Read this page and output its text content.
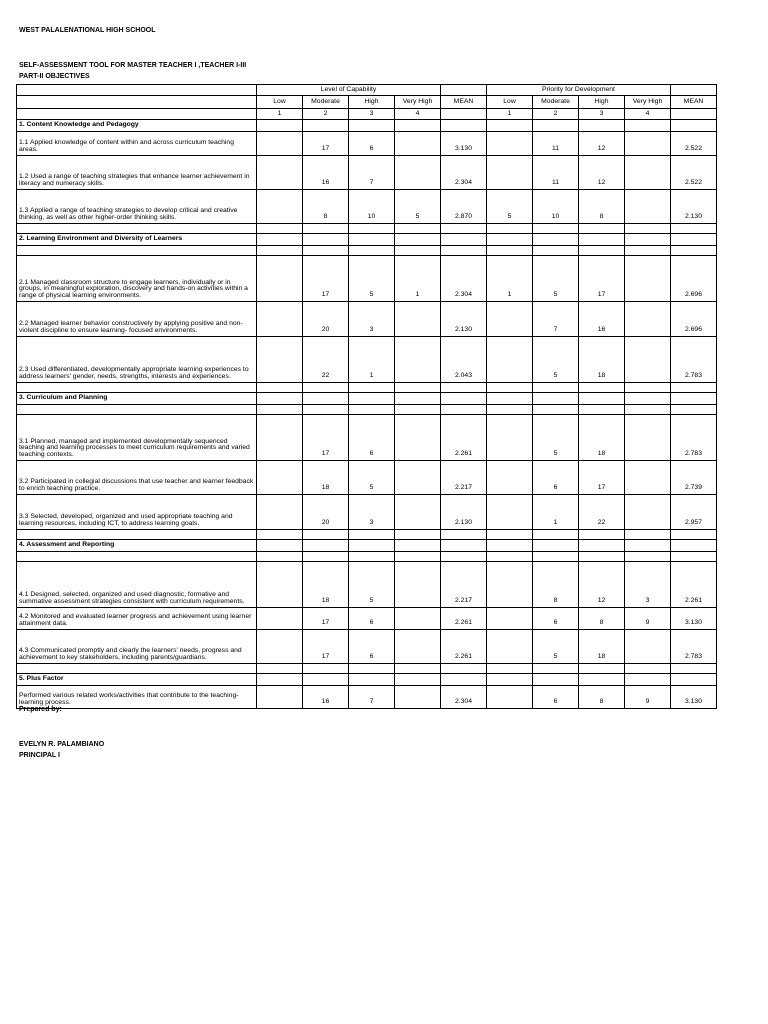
WEST PALALENATIONAL HIGH SCHOOL
SELF-ASSESSMENT TOOL FOR MASTER TEACHER I ,TEACHER I-III
PART-II OBJECTIVES
	Level of Capability					Priority for Development				
	Low	Moderate	High	Very High	MEAN	Low	Moderate	High	Very High	MEAN
	1	2	3	4		1	2	3	4	
1. Content Knowledge and Pedagogy										
1.1 Applied knowledge of content within and across curriculum teaching areas.		17	6		3.130		11	12		2.522
1.2 Used a range of teaching strategies that enhance learner achievement in literacy and numeracy skills.		16	7		2.304		11	12		2.522
1.3 Applied a range of teaching strategies to develop critical and creative thinking, as well as other higher-order thinking skills.		8	10	5	2.870	5	10	8		2.130

2. Learning Environment and Diversity of Learners										

2.1 Managed classroom structure to engage learners, individually or in groups, in meaningful exploration, discovery and hands-on activities within a range of physical learning environments.		17	5	1	2.304	1	5	17		2.696
2.2 Managed learner behavior constructively by applying positive and non-violent discipline to ensure learning- focused environments.		20	3		2.130		7	16		2.696
2.3 Used differentiated, developmentally appropriate learning experiences to address learners' gender, needs, strengths, interests and experiences.		22	1		2.043		5	18		2.783

3. Curriculum and Planning										

3.1 Planned, managed and implemented developmentally sequenced teaching and learning processes to meet curriculum requirements and varied teaching contexts.		17	6		2.261		5	18		2.783
3.2 Participated in collegial discussions that use teacher and learner feedback to enrich teaching practice.		18	5		2.217		6	17		2.739
3.3 Selected, developed, organized and used appropriate teaching and learning resources, including ICT, to address learning goals.		20	3		2.130		1	22		2.957

4. Assessment and Reporting										

4.1 Designed, selected, organized and used diagnostic, formative and summative assessment strategies consistent with curriculum requirements.		18	5		2.217		8	12	3	2.261
4.2 Monitored and evaluated learner progress and achievement using learner attainment data.		17	6		2.261		6	8	9	3.130
4.3 Communicated promptly and clearly the learners' needs, progress and achievement to key stakeholders, including parents/guardians.		17	6		2.261		5	18		2.783

5. Plus Factor										
Performed various related works/activities that contribute to the teaching-learning process.		16	7		2.304		6	8	9	3.130
Prepared by:
EVELYN R. PALAMBIANO
PRINCIPAL I
